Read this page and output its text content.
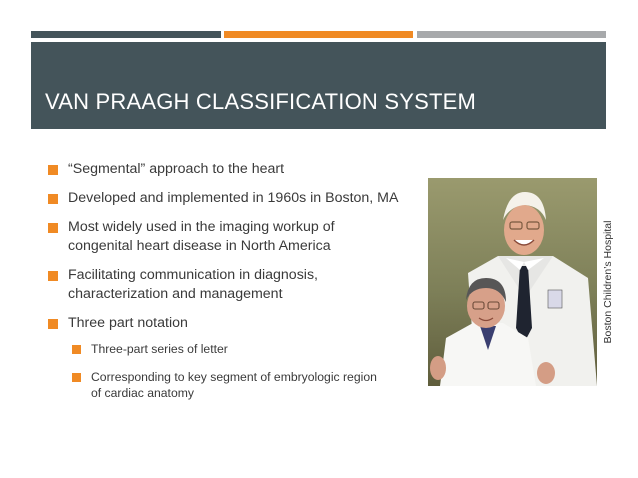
VAN PRAAGH CLASSIFICATION SYSTEM
“Segmental” approach to the heart
Developed and implemented in 1960s in Boston, MA
Most widely used in the imaging workup of
congenital heart disease in North America
Facilitating communication in diagnosis,
characterization and management
Three part notation
Three-part series of letter
Corresponding to key segment of embryologic region
of cardiac anatomy
Boston Children’s Hospital
